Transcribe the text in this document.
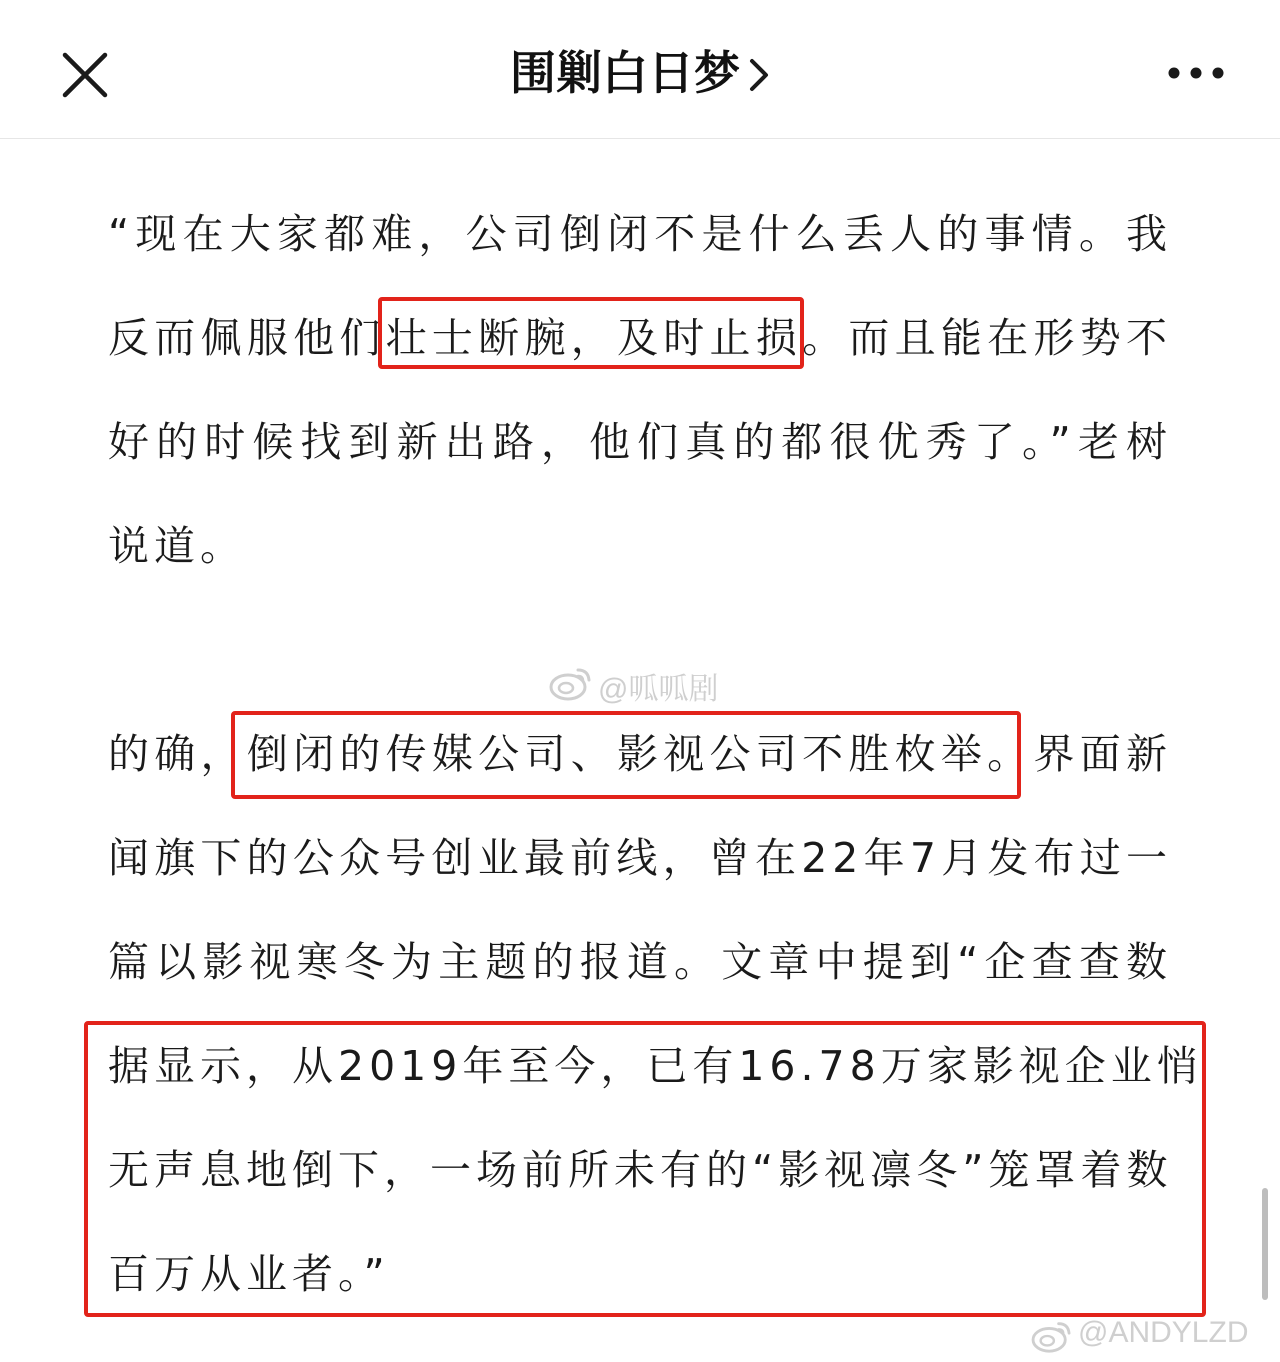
围剿白日梦
“现在大家都难，公司倒闭不是什么丢人的事情。我
反而佩服他们壮士断腕，及时止损。而且能在形势不
好的时候找到新出路，他们真的都很优秀了。”老树
说道。
@呱呱剧
的确，倒闭的传媒公司、影视公司不胜枚举。界面新
闻旗下的公众号创业最前线，曾在22年7月发布过一
篇以影视寒冬为主题的报道。文章中提到“企查查数
据显示，从2019年至今，已有16.78万家影视企业悄
无声息地倒下，一场前所未有的“影视凛冬”笼罩着数
百万从业者。”
@ANDYLZD
